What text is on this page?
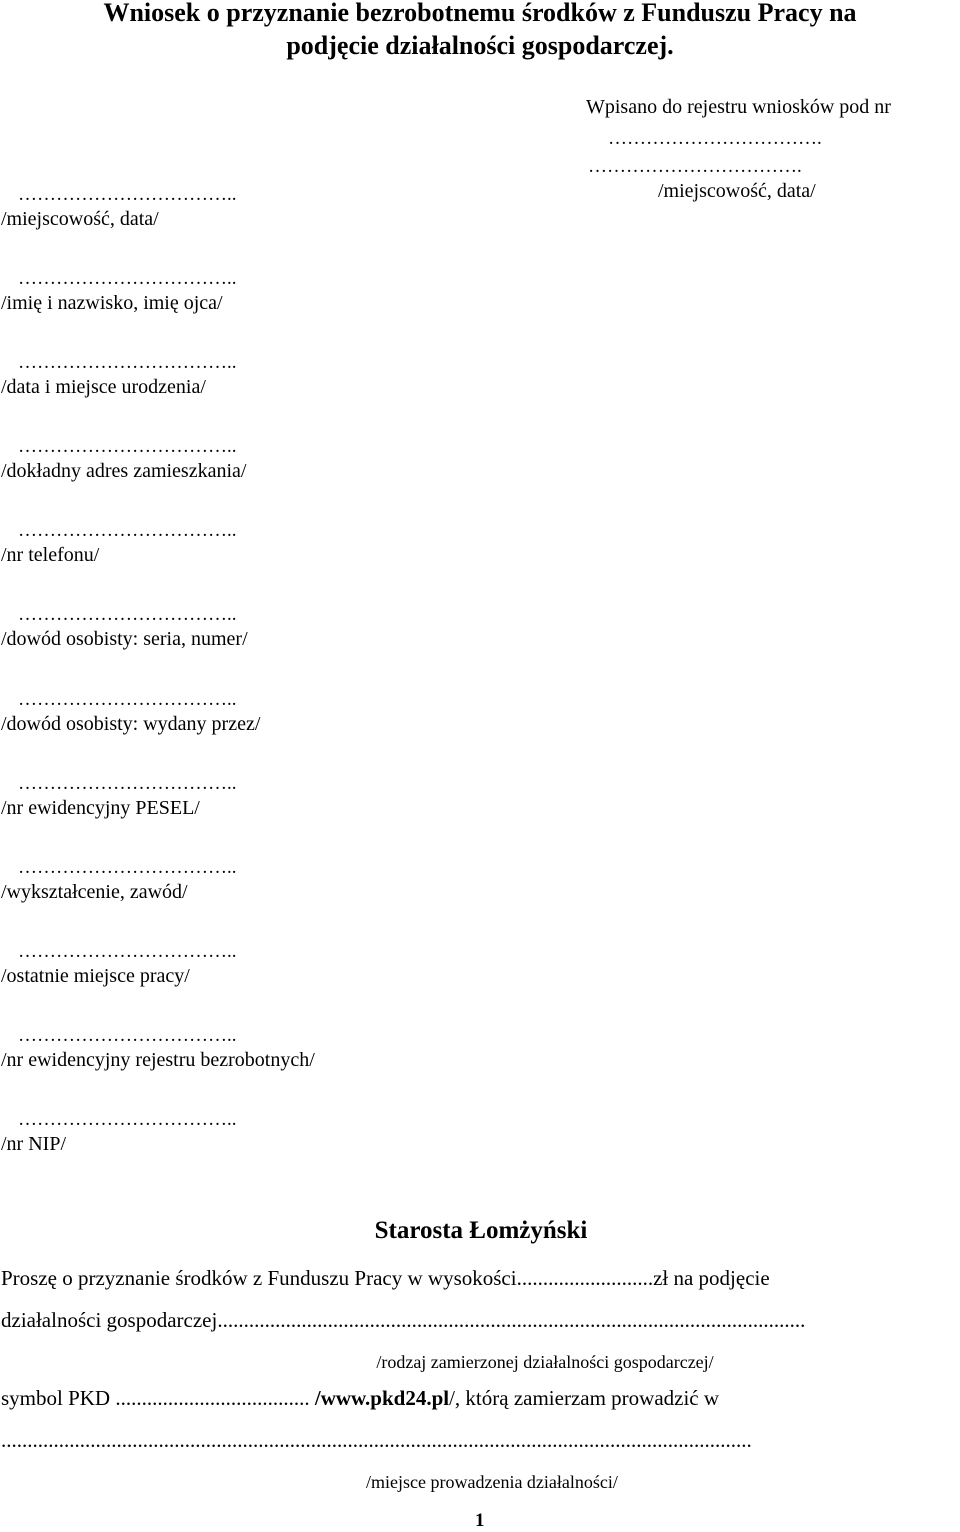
Wniosek o przyznanie bezrobotnemu środków z Funduszu Pracy na
podjęcie działalności gospodarczej.
Wpisano do rejestru wniosków pod nr
…………………………….
…………………………….
/miejscowość, data/
……………………………..
/miejscowość, data/
……………………………..
/imię i nazwisko, imię ojca/
……………………………..
/data i miejsce urodzenia/
……………………………..
/dokładny adres zamieszkania/
……………………………..
/nr telefonu/
……………………………..
/dowód osobisty: seria, numer/
……………………………..
/dowód osobisty: wydany przez/
……………………………..
/nr ewidencyjny PESEL/
……………………………..
/wykształcenie, zawód/
……………………………..
/ostatnie miejsce pracy/
……………………………..
/nr ewidencyjny rejestru bezrobotnych/
……………………………..
/nr NIP/
Starosta Łomżyński
Proszę o przyznanie środków z Funduszu Pracy w wysokości..........................zł na podjęcie
działalności gospodarczej................................................................................................................
/rodzaj zamierzonej działalności gospodarczej/
symbol PKD ..................................... /www.pkd24.pl/, którą zamierzam prowadzić w
...............................................................................................................................................
/miejsce prowadzenia działalności/
1
